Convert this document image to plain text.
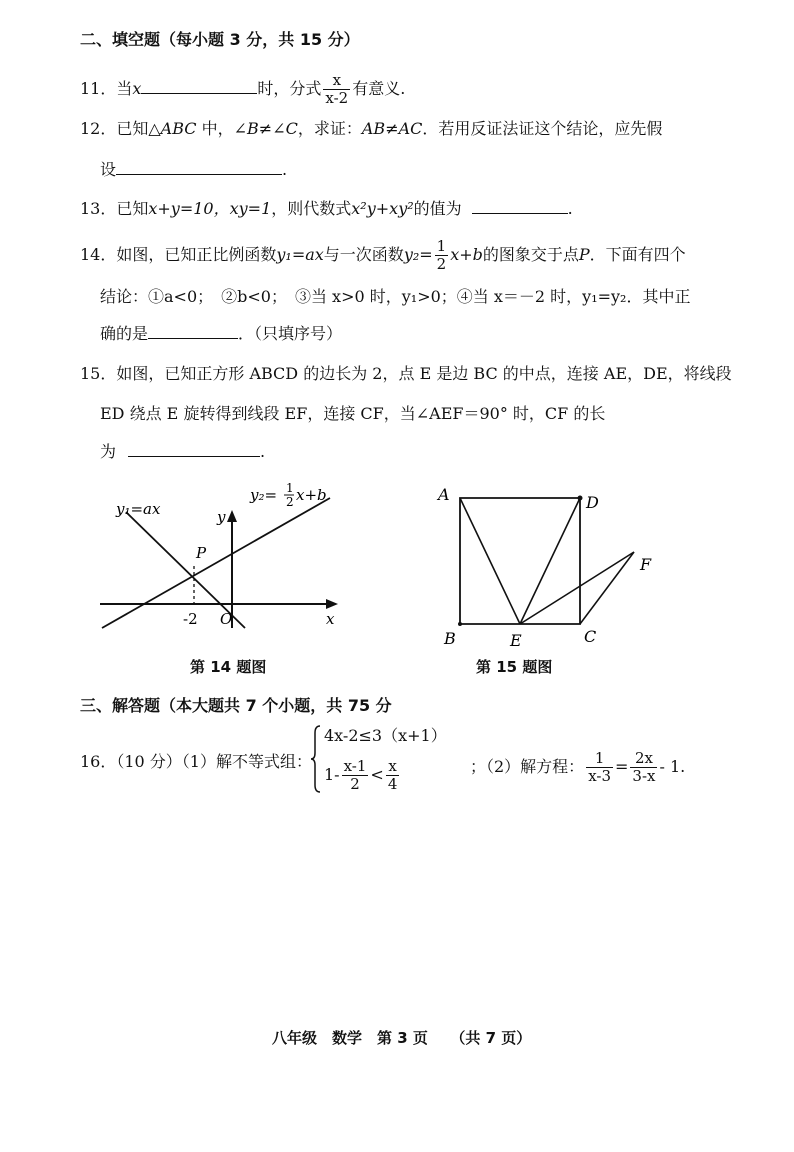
二、填空题（每小题 3 分，共 15 分）
11．当x	时，分式 $\frac{x}{x-2}$ 有意义.
12．已知△ABC 中，∠B≠∠C，求证：AB≠AC．若用反证法证这个结论，应先假
设	.
13．已知x+y=10，xy=1，则代数式x²y+xy²的值为	.
14．如图，已知正比例函数y₁=ax与一次函数$y_2= \frac{1}{2} x+b$的图象交于点P．下面有四个
结论：①a<0；　②b<0；　③当 x>0 时，y₁>0；④当 x＝－2 时，y₁=y₂．其中正
确的是	．（只填序号）
15．如图，已知正方形 ABCD 的边长为 2，点 E 是边 BC 的中点，连接 AE，DE，将线段
ED 绕点 E 旋转得到线段 EF，连接 CF，当∠AEF＝90° 时，CF 的长
为	.
y₁=ax
y₂= 1
2 x+b
y
x
O
-2
P
第 14 题图
A	D
B	E	C
F
第 15 题图
三、解答题（本大题共 7 个小题，共 75 分
16．（10 分）（1）解不等式组：
4x-2≤3（x+1）
$1- \frac{x-1}{2} < \frac{x}{4}$	；（2）解方程： $\frac{1}{x-3} = \frac{2x}{3-x} - 1$.
八年级　数学　第 3 页　　（共 7 页）
